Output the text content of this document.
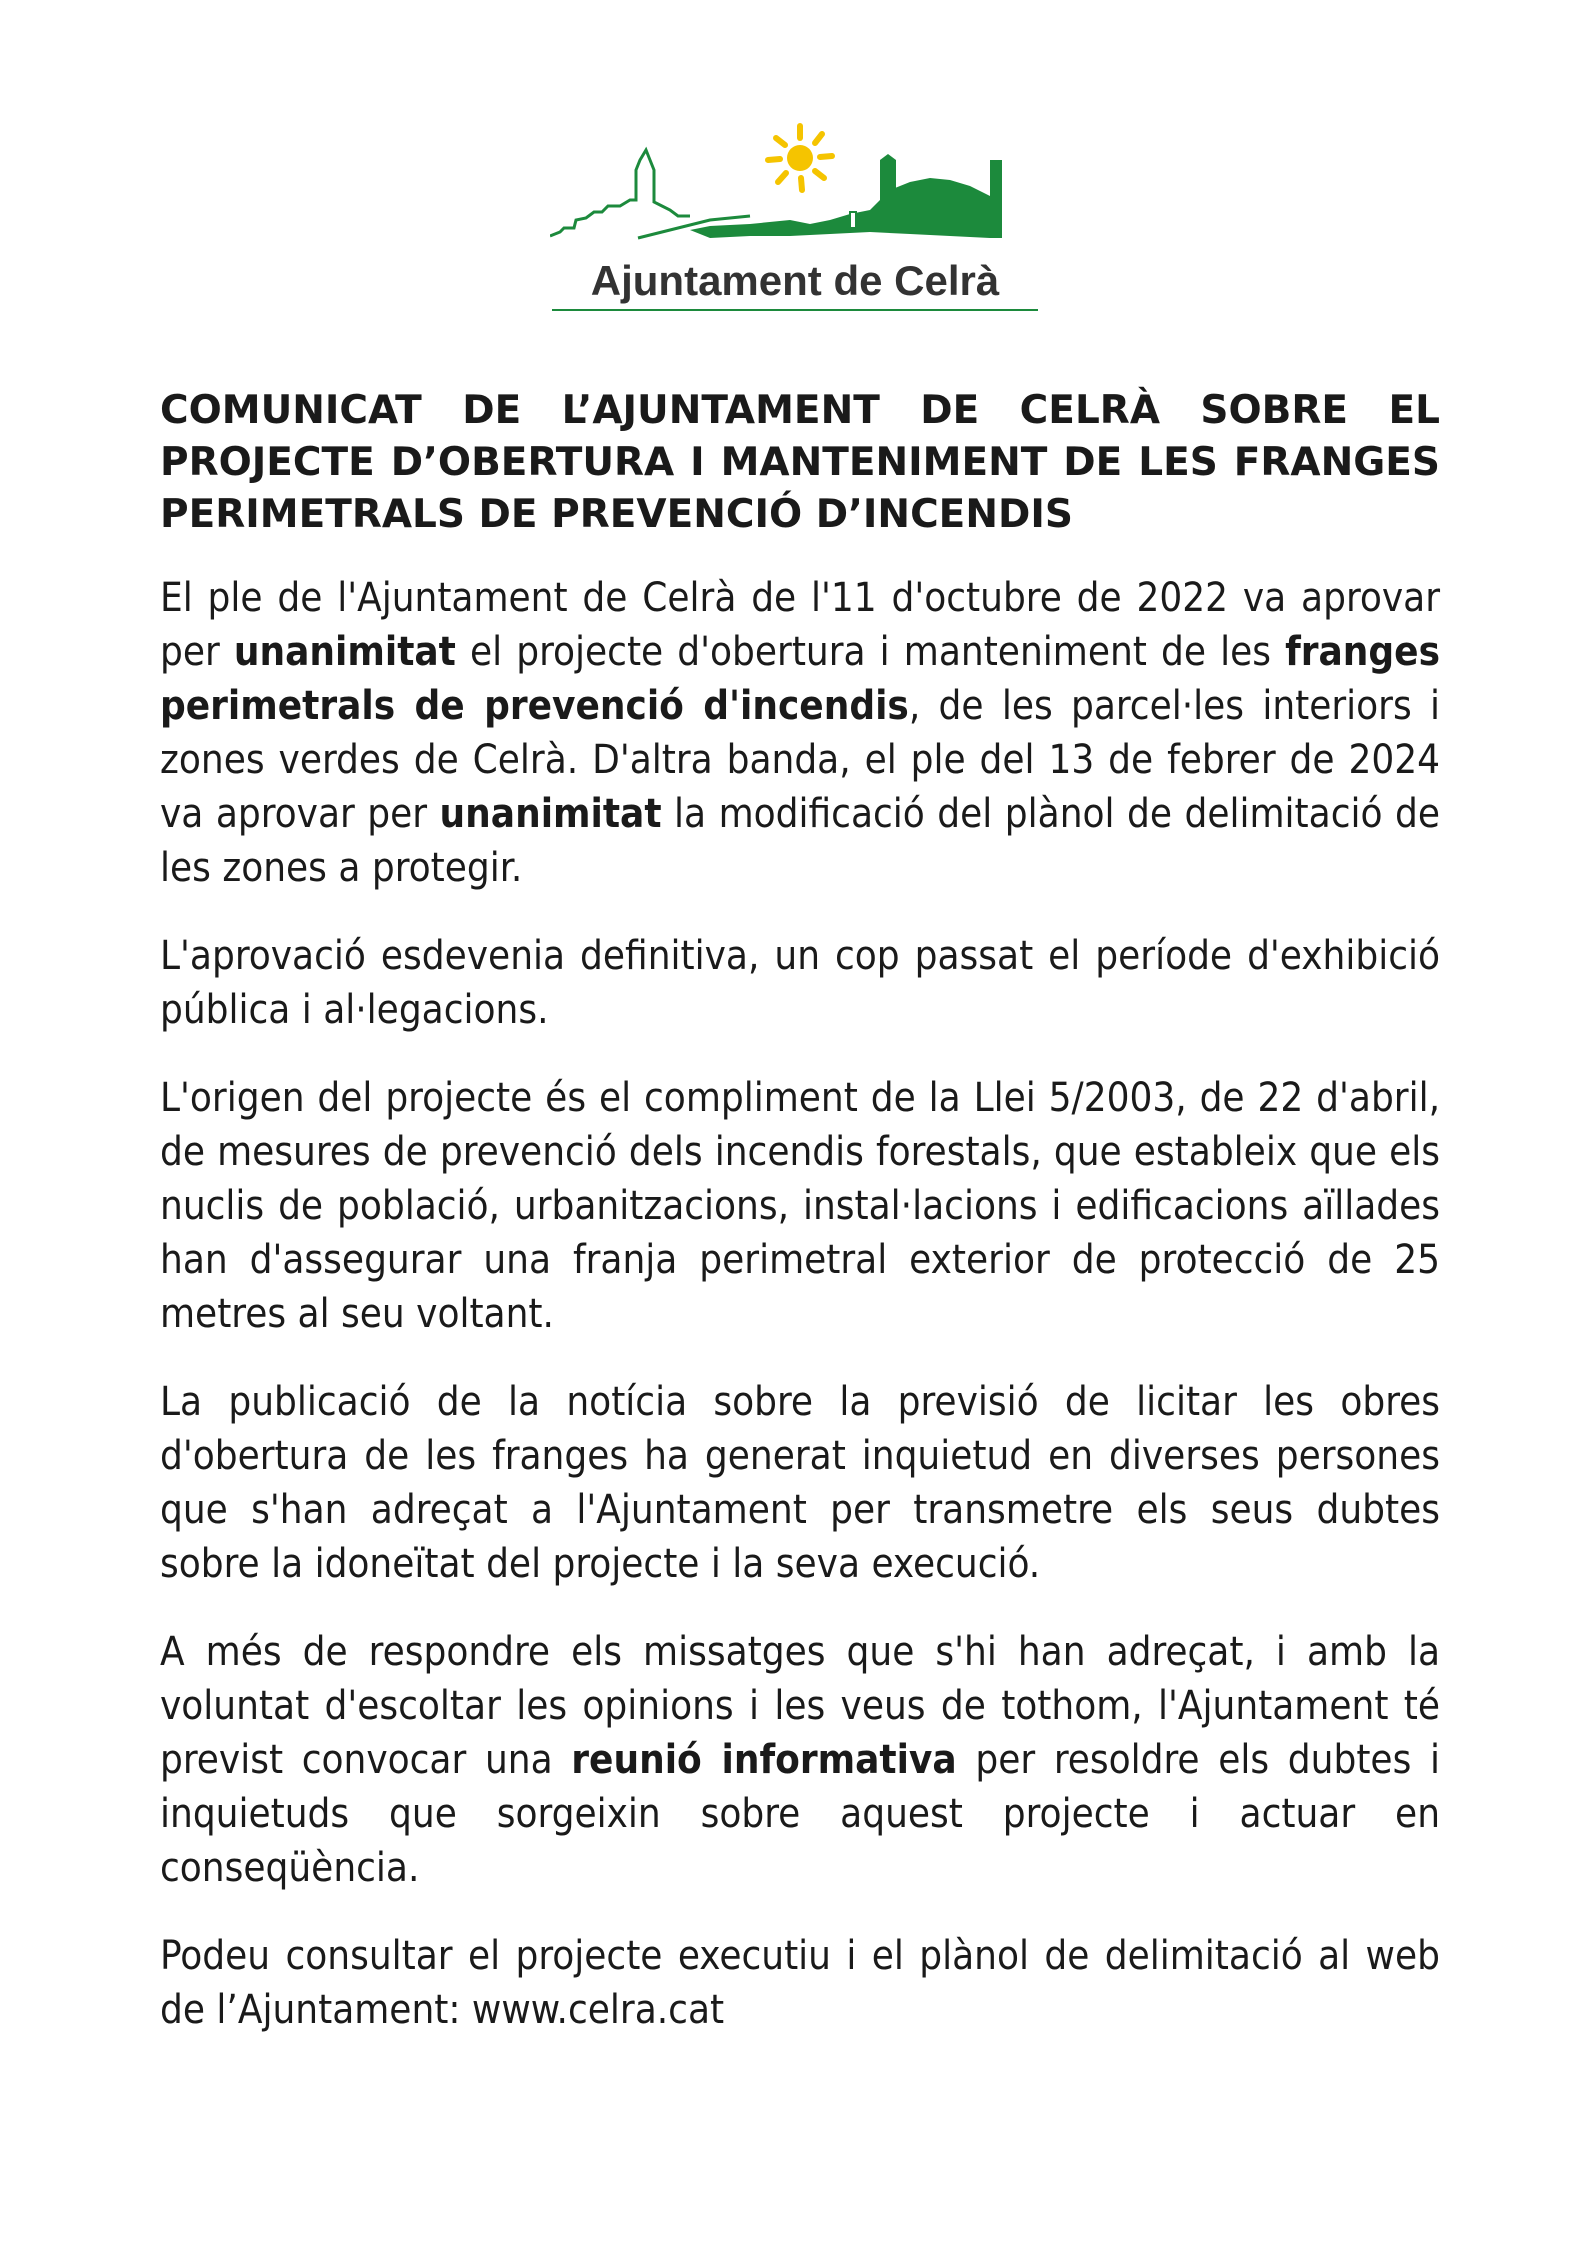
Ajuntament de Celrà
COMUNICAT DE L’AJUNTAMENT DE CELRÀ SOBRE EL PROJECTE D’OBERTURA I MANTENIMENT DE LES FRANGES PERIMETRALS DE PREVENCIÓ D’INCENDIS

El ple de l'Ajuntament de Celrà de l'11 d'octubre de 2022 va aprovar per unanimitat el projecte d'obertura i manteniment de les franges perimetrals de prevenció d'incendis, de les parcel·les interiors i zones verdes de Celrà. D'altra banda, el ple del 13 de febrer de 2024 va aprovar per unanimitat la modificació del plànol de delimitació de les zones a protegir.

L'aprovació esdevenia definitiva, un cop passat el període d'exhibició pública i al·legacions.

L'origen del projecte és el compliment de la Llei 5/2003, de 22 d'abril, de mesures de prevenció dels incendis forestals, que estableix que els nuclis de població, urbanitzacions, instal·lacions i edificacions aïllades han d'assegurar una franja perimetral exterior de protecció de 25 metres al seu voltant.

La publicació de la notícia sobre la previsió de licitar les obres d'obertura de les franges ha generat inquietud en diverses persones que s'han adreçat a l'Ajuntament per transmetre els seus dubtes sobre la idoneïtat del projecte i la seva execució.

A més de respondre els missatges que s'hi han adreçat, i amb la voluntat d'escoltar les opinions i les veus de tothom, l'Ajuntament té previst convocar una reunió informativa per resoldre els dubtes i inquietuds que sorgeixin sobre aquest projecte i actuar en conseqüència.

Podeu consultar el projecte executiu i el plànol de delimitació al web de l’Ajuntament: www.celra.cat
